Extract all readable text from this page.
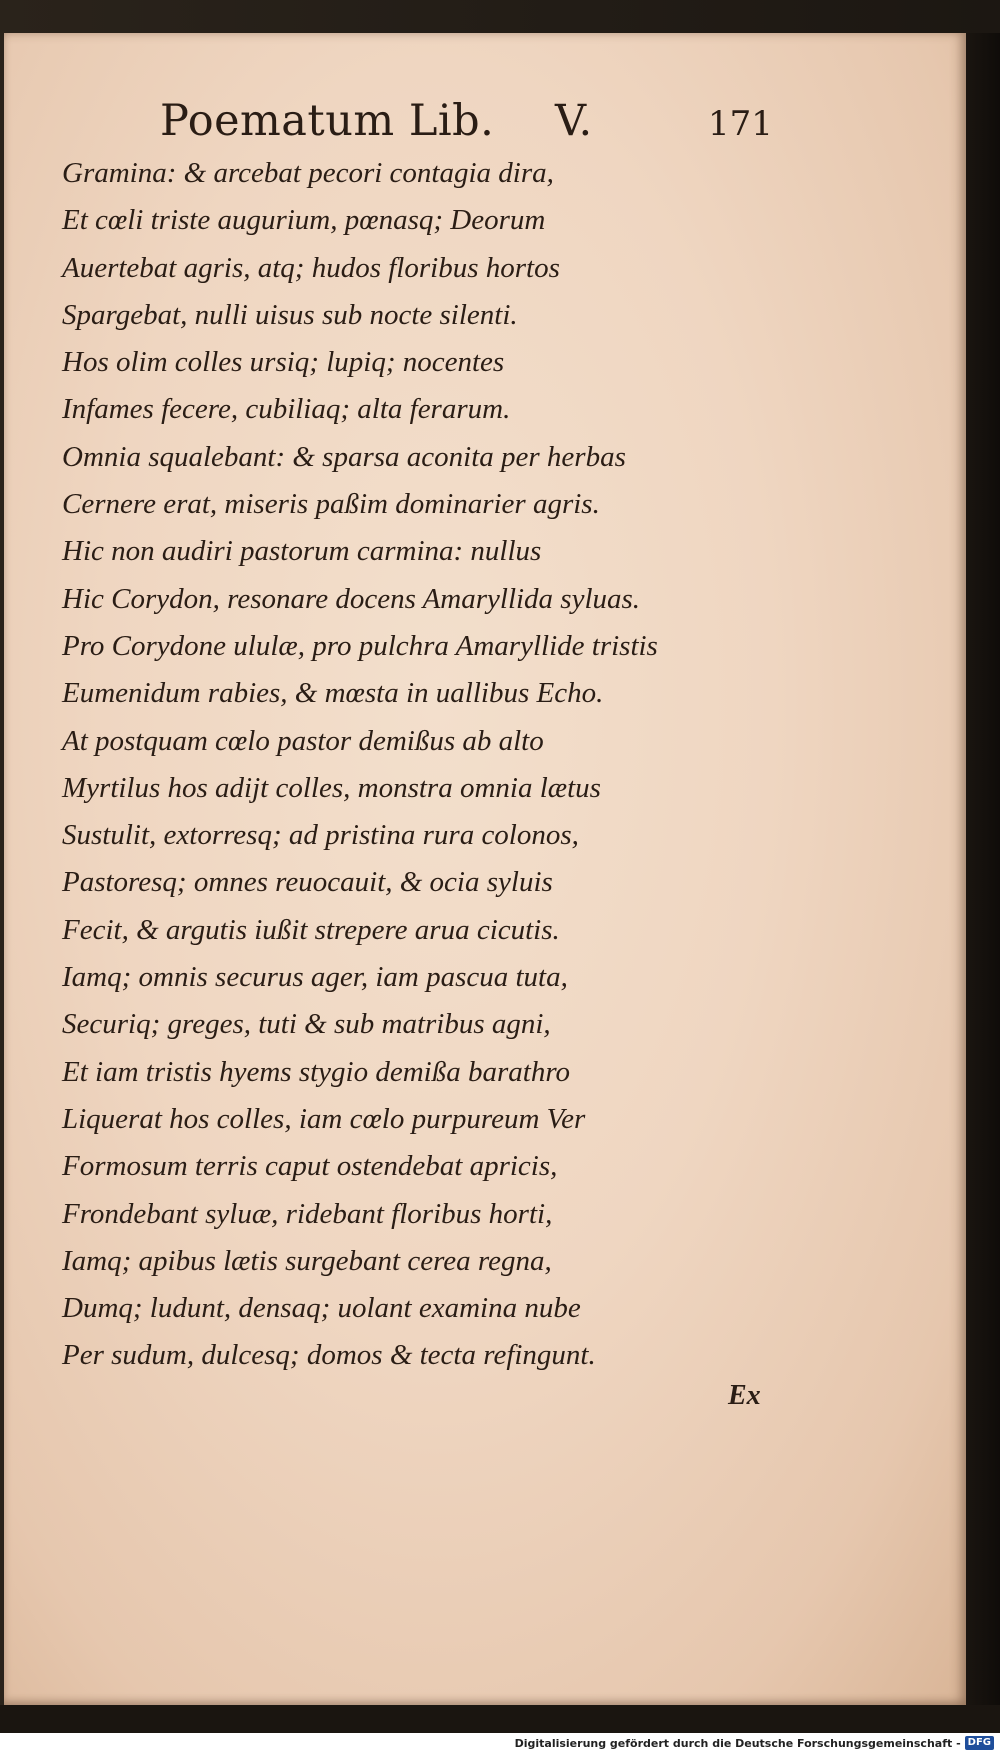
Poematum Lib. V.	171
Gramina: & arcebat pecori contagia dira,
Et cœli triste augurium, pœnasq; Deorum
Auertebat agris, atq; hudos floribus hortos
Spargebat, nulli uisus sub nocte silenti.
Hos olim colles ursiq; lupiq; nocentes
Infames fecere, cubiliaq; alta ferarum.
Omnia squalebant: & sparsa aconita per herbas
Cernere erat, miseris paßim dominarier agris.
Hic non audiri pastorum carmina: nullus
Hic Corydon, resonare docens Amaryllida syluas.
Pro Corydone ululæ, pro pulchra Amaryllide tristis
Eumenidum rabies, & mœsta in uallibus Echo.
At postquam cœlo pastor demißus ab alto
Myrtilus hos adijt colles, monstra omnia lætus
Sustulit, extorresq; ad pristina rura colonos,
Pastoresq; omnes reuocauit, & ocia syluis
Fecit, & argutis iußit strepere arua cicutis.
Iamq; omnis securus ager, iam pascua tuta,
Securiq; greges, tuti & sub matribus agni,
Et iam tristis hyems stygio demißa barathro
Liquerat hos colles, iam cœlo purpureum Ver
Formosum terris caput ostendebat apricis,
Frondebant syluæ, ridebant floribus horti,
Iamq; apibus lætis surgebant cerea regna,
Dumq; ludunt, densaq; uolant examina nube
Per sudum, dulcesq; domos & tecta refingunt.
Ex
Digitalisierung gefördert durch die Deutsche Forschungsgemeinschaft - DFG
